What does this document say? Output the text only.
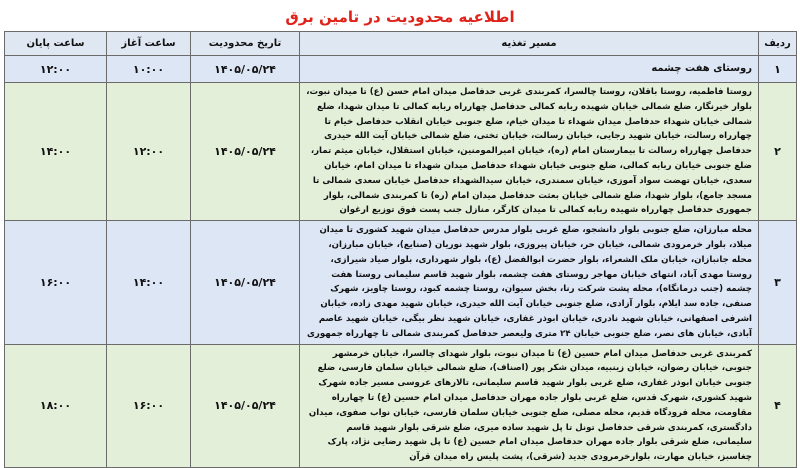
اطلاعیه محدودیت در تامین برق
ردیف	مسیر تغذیه	تاریخ محدودیت	ساعت آغاز	ساعت پایان
۱	روستای هفت چشمه	۱۴۰۵/۰۵/۲۴	۱۰:۰۰	۱۲:۰۰
۲	روستا فاطمیه، روستا باقلان، روستا چالسرا، کمربندی غربی حدفاصل میدان امام حسن (ع) تا میدان نبوت، بلوار خیرنگار، ضلع شمالی خیابان شهیده ربابه کمالی حدفاصل چهارراه ربابه کمالی تا میدان شهدا، ضلع شمالی خیابان شهداء حدفاصل میدان شهداء تا میدان خیام، ضلع جنوبی خیابان انقلاب حدفاصل خیام تا چهارراه رسالت، خیابان شهید رجایی، خیابان رسالت، خیابان تختی، ضلع شمالی خیابان آیت الله حیدری حدفاصل چهارراه رسالت تا بیمارستان امام (ره)، خیابان امیرالمومنین، خیابان استقلال، خیابان میثم تمار، ضلع جنوبی خیابان ربابه کمالی، ضلع جنوبی خیابان شهداء حدفاصل میدان شهداء تا میدان امام، خیابان سعدی، خیابان تهضت سواد آموزی، خیابان سمندری، خیابان سیدالشهداء حدفاصل خیابان سعدی شمالی تا مسجد جامع)، بلوار شهدا، ضلع شمالی خیابان بعثت حدفاصل میدان امام (ره) تا کمربندی شمالی، بلوار جمهوری حدفاصل چهارراه شهیده ربابه کمالی تا میدان کارگر، منازل جنب پست فوق توزیع ارغوان	۱۴۰۵/۰۵/۲۴	۱۲:۰۰	۱۴:۰۰
۳	محله مبارزان، ضلع جنوبی بلوار دانشجو، ضلع غربی بلوار مدرس حدفاصل میدان شهید کشوری تا میدان میلاد، بلوار خرمرودی شمالی، خیابان حر، خیابان پیروزی، بلوار شهید نوریان (صنایع)، خیابان مبارزان، محله جانبازان، خیابان ملک الشعراء، بلوار حضرت ابوالفضل (ع)، بلوار شهرداری، بلوار صیاد شیرازی، روستا مهدی آباد، انتهای خیابان مهاجر روستای هفت چشمه، بلوار شهید قاسم سلیمانی روستا هفت چشمه (جنب درمانگاه)، محله پشت شرکت رنا، بخش سیوان، روستا چشمه کبود، روستا چاویز، شهرک صنفی، جاده سد ایلام، بلوار آزادی، ضلع جنوبی خیابان آیت الله حیدری، خیابان شهید مهدی زاده، خیابان اشرفی اصفهانی، خیابان شهید نادری، خیابان ابوذر غفاری، خیابان شهید نظر بیگی، خیابان شهید عاصم آبادی، خیابان های نصر، ضلع جنوبی خیابان ۲۴ متری ولیعصر حدفاصل کمربندی شمالی تا چهارراه جمهوری	۱۴۰۵/۰۵/۲۴	۱۴:۰۰	۱۶:۰۰
۴	کمربندی غربی حدفاصل میدان امام حسین (ع) تا میدان نبوت، بلوار شهدای چالسرا، خیابان خرمشهر جنوبی، خیابان رضوان، خیابان زینبیه، میدان شکر پور (اصناف)، ضلع شمالی خیابان سلمان فارسی، ضلع جنوبی خیابان ابوذر غفاری، ضلع غربی بلوار شهید قاسم سلیمانی، تالارهای عروسی مسیر جاده شهرک شهید کشوری، شهرک قدس، ضلع غربی بلوار جاده مهران حدفاصل میدان امام حسین (ع) تا چهارراه مقاومت، محله فرودگاه قدیم، محله مصلی، ضلع جنوبی خیابان سلمان فارسی، خیابان نواب صفوی، میدان دادگستری، کمربندی شرقی حدفاصل تونل تا پل شهید ساده میری، ضلع شرقی بلوار شهید قاسم سلیمانی، ضلع شرقی بلوار جاده مهران حدفاصل میدان امام حسین (ع) تا پل شهید رضایی نژاد، پارک چغاسبز، خیابان مهارت، بلوارخرمرودی جدید (شرقی)، پشت پلیس راه میدان قرآن	۱۴۰۵/۰۵/۲۴	۱۶:۰۰	۱۸:۰۰
